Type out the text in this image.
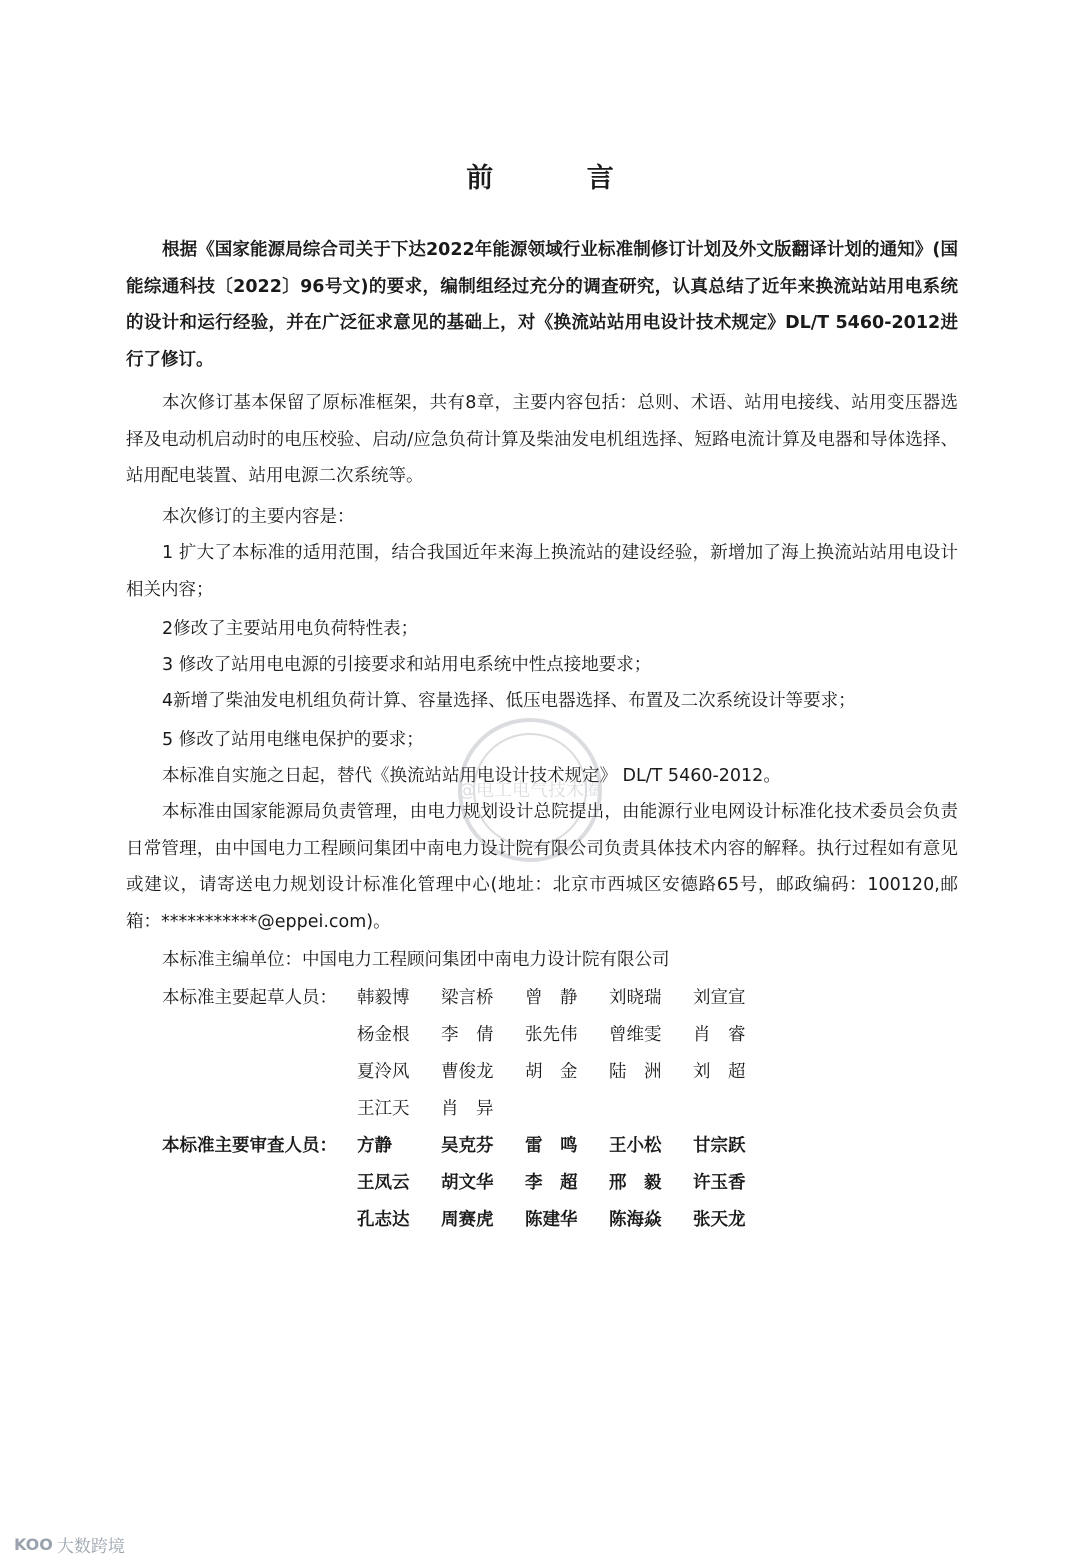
前 言

根据《国家能源局综合司关于下达2022年能源领域行业标准制修订计划及外文版翻译计划的通知》(国能综通科技〔2022〕96号文)的要求，编制组经过充分的调查研究，认真总结了近年来换流站站用电系统的设计和运行经验，并在广泛征求意见的基础上，对《换流站站用电设计技术规定》DL/T 5460-2012进行了修订。

本次修订基本保留了原标准框架，共有8章，主要内容包括：总则、术语、站用电接线、站用变压器选择及电动机启动时的电压校验、启动/应急负荷计算及柴油发电机组选择、短路电流计算及电器和导体选择、站用配电装置、站用电源二次系统等。

本次修订的主要内容是：

1 扩大了本标准的适用范围，结合我国近年来海上换流站的建设经验，新增加了海上换流站站用电设计相关内容；

2修改了主要站用电负荷特性表；
3 修改了站用电电源的引接要求和站用电系统中性点接地要求；
4新增了柴油发电机组负荷计算、容量选择、低压电器选择、布置及二次系统设计等要求；
5 修改了站用电继电保护的要求；
本标准自实施之日起，替代《换流站站用电设计技术规定》 DL/T 5460-2012。

本标准由国家能源局负责管理，由电力规划设计总院提出，由能源行业电网设计标准化技术委员会负责日常管理，由中国电力工程顾问集团中南电力设计院有限公司负责具体技术内容的解释。执行过程如有意见或建议，请寄送电力规划设计标准化管理中心(地址：北京市西城区安德路65号，邮政编码：100120,邮箱：***********@eppei.com)。

本标准主编单位：中国电力工程顾问集团中南电力设计院有限公司
本标准主要起草人员： 韩毅博 梁言桥 曾　静 刘晓瑞 刘宣宣
杨金根 李　倩 张先伟 曾维雯 肖　睿
夏泠风 曹俊龙 胡　金 陆　洲 刘　超
王江天 肖　异
本标准主要审查人员： 方静	吴克芬 雷　鸣 王小松 甘宗跃
王凤云 胡文华 李　超 邢　毅 许玉香
孔志达 周赛虎 陈建华 陈海焱 张天龙
@电工电气技术圈
KOO 大数跨境
